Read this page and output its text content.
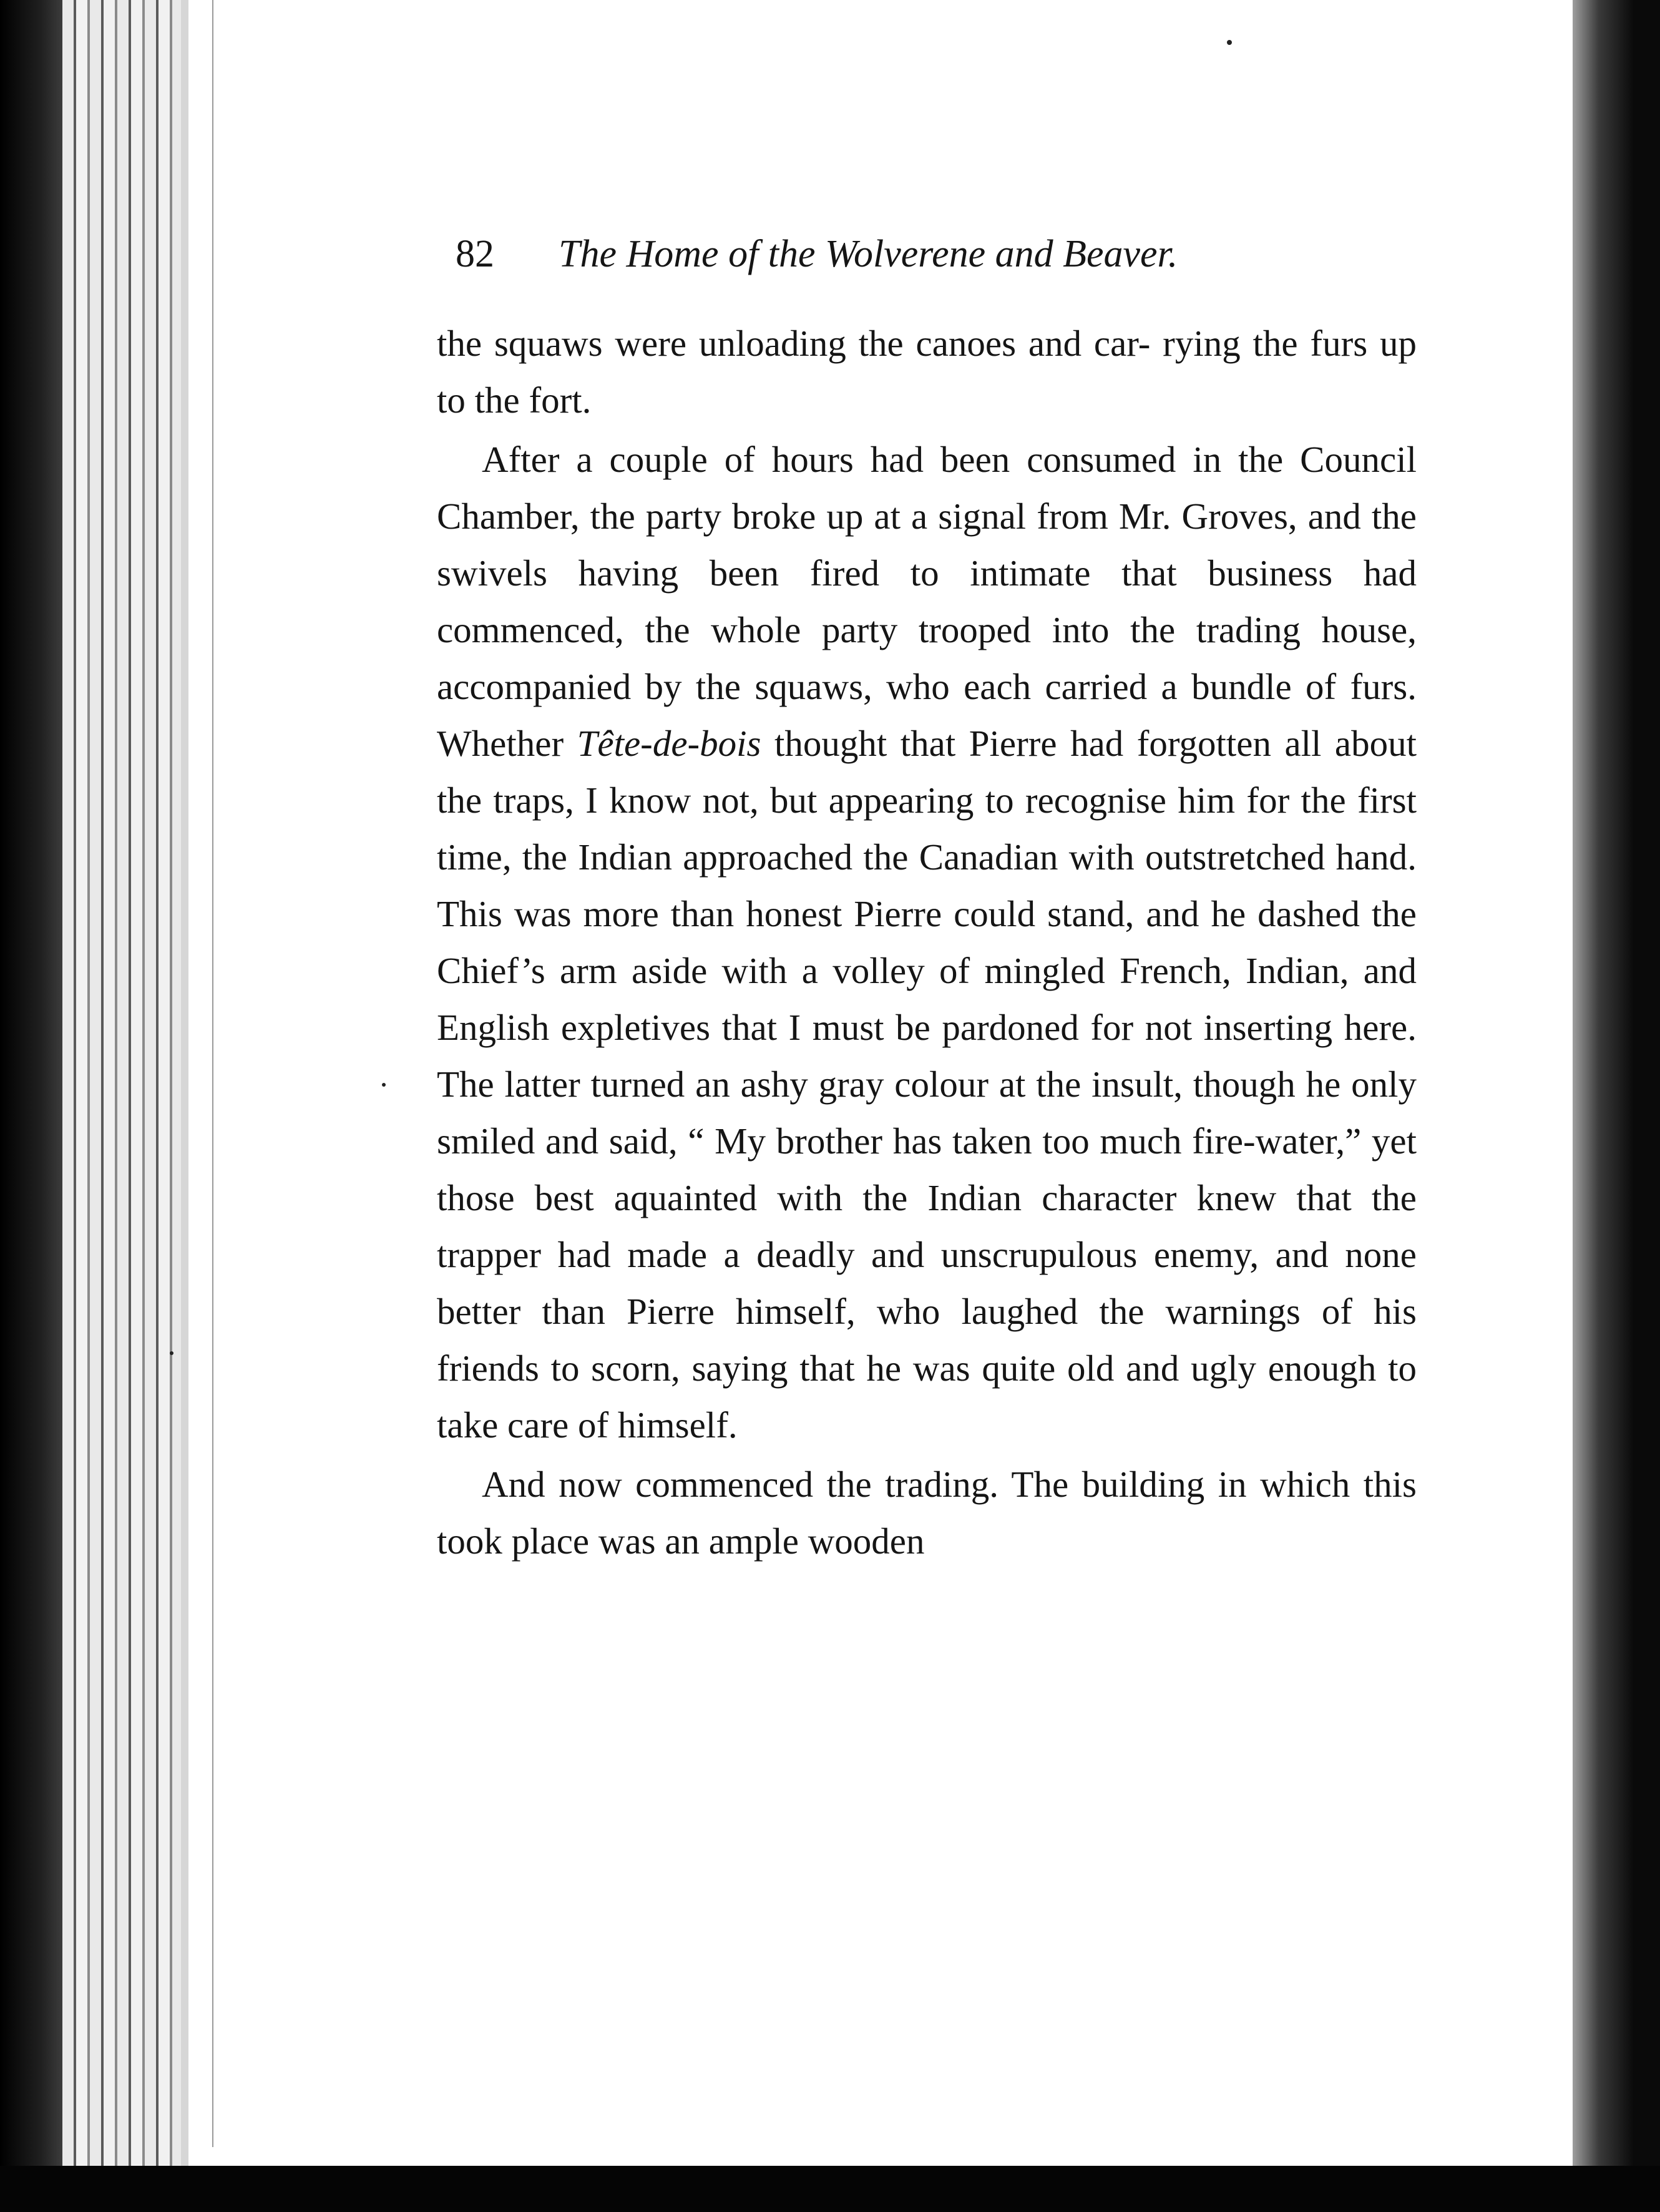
82 The Home of the Wolverene and Beaver.

the squaws were unloading the canoes and car- rying the furs up to the fort.

After a couple of hours had been consumed in the Council Chamber, the party broke up at a signal from Mr. Groves, and the swivels having been fired to intimate that business had commenced, the whole party trooped into the trading house, accompanied by the squaws, who each carried a bundle of furs. Whether Tête-de-bois thought that Pierre had forgotten all about the traps, I know not, but appearing to recognise him for the first time, the Indian approached the Canadian with outstretched hand. This was more than honest Pierre could stand, and he dashed the Chief’s arm aside with a volley of mingled French, Indian, and English expletives that I must be pardoned for not inserting here. The latter turned an ashy gray colour at the insult, though he only smiled and said, “ My brother has taken too much fire-water,” yet those best aquainted with the Indian character knew that the trapper had made a deadly and unscrupulous enemy, and none better than Pierre himself, who laughed the warnings of his friends to scorn, saying that he was quite old and ugly enough to take care of himself.

And now commenced the trading. The building in which this took place was an ample wooden
